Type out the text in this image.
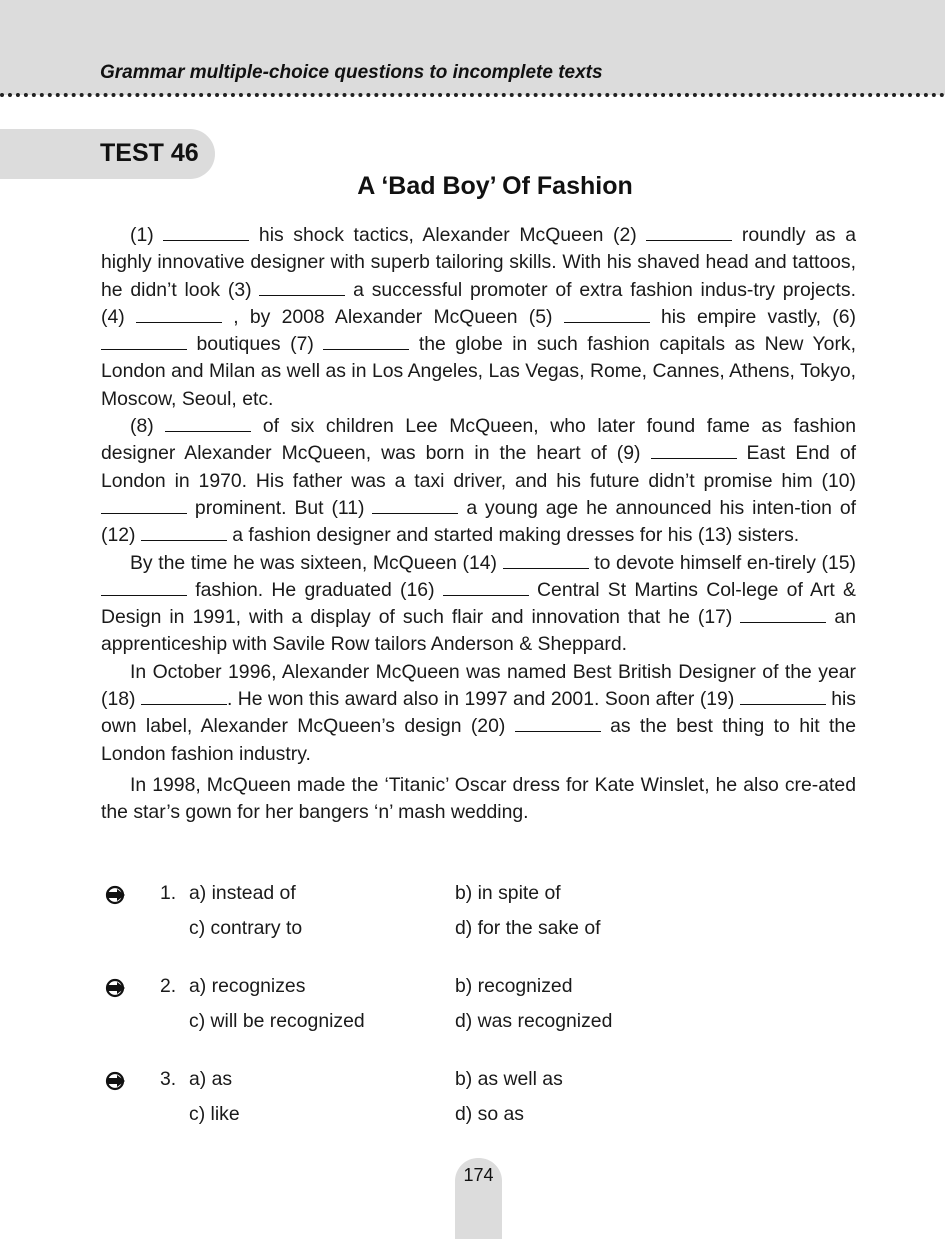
Grammar multiple-choice questions to incomplete texts
TEST 46
A ‘Bad Boy’ Of Fashion

(1)	his shock tactics, Alexander McQueen (2)	roundly as a highly innovative designer with superb tailoring skills. With his shaved head and tattoos, he didn’t look (3)	a successful promoter of extra fashion indus-try projects. (4)	, by 2008 Alexander McQueen (5)	his empire vastly, (6)  boutiques (7)	the globe in such fashion capitals as New York, London and Milan as well as in Los Angeles, Las Vegas, Rome, Cannes, Athens, Tokyo, Moscow, Seoul, etc.

(8)	of six children Lee McQueen, who later found fame as fashion designer Alexander McQueen, was born in the heart of (9)	East End of London in 1970. His father was a taxi driver, and his future didn’t promise him (10)  prominent. But (11)	a young age he announced his inten-tion of (12)	a fashion designer and started making dresses for his (13) sisters.

By the time he was sixteen, McQueen (14)	to devote himself en-tirely (15)  fashion. He graduated (16)	Central St Martins Col-lege of Art & Design in 1991, with a display of such flair and innovation that he (17)	an apprenticeship with Savile Row tailors Anderson & Sheppard.

In October 1996, Alexander McQueen was named Best British Designer of the year (18)	. He won this award also in 1997 and 2001. Soon after (19)	his own label, Alexander McQueen’s design (20)	as the best thing to hit the London fashion industry.

In 1998, McQueen made the ‘Titanic’ Oscar dress for Kate Winslet, he also cre-ated the star’s gown for her bangers ‘n’ mash wedding.

1. a) instead of	b) in spite of
c) contrary to	d) for the sake of
2. a) recognizes	b) recognized
c) will be recognized	d) was recognized
3. a) as	b) as well as
c) like	d) so as
174
